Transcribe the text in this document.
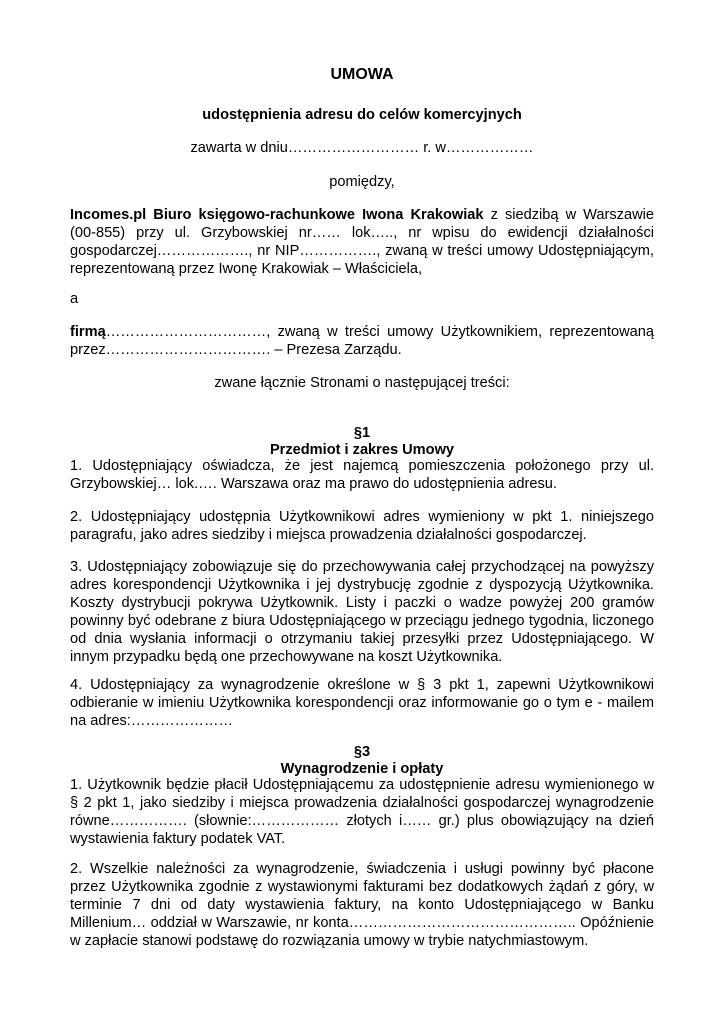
UMOWA
udostępnienia adresu do celów komercyjnych
zawarta w dniu……………………… r. w………………
pomiędzy,

Incomes.pl Biuro księgowo-rachunkowe Iwona Krakowiak z siedzibą w Warszawie (00-855) przy ul. Grzybowskiej nr…… lok….., nr wpisu do ewidencji działalności gospodarczej………………., nr NIP……………., zwaną w treści umowy Udostępniającym, reprezentowaną przez Iwonę Krakowiak – Właściciela,

a

firmą……………………………, zwaną w treści umowy Użytkownikiem, reprezentowaną przez……………………………. – Prezesa Zarządu.

zwane łącznie Stronami o następującej treści:
§1
Przedmiot i zakres Umowy

1. Udostępniający oświadcza, że jest najemcą pomieszczenia położonego przy ul. Grzybowskiej… lok.…. Warszawa oraz ma prawo do udostępnienia adresu.

2. Udostępniający udostępnia Użytkownikowi adres wymieniony w pkt 1. niniejszego paragrafu, jako adres siedziby i miejsca prowadzenia działalności gospodarczej.

3. Udostępniający zobowiązuje się do przechowywania całej przychodzącej na powyższy adres korespondencji Użytkownika i jej dystrybucję zgodnie z dyspozycją Użytkownika. Koszty dystrybucji pokrywa Użytkownik. Listy i paczki o wadze powyżej 200 gramów powinny być odebrane z biura Udostępniającego w przeciągu jednego tygodnia, liczonego od dnia wysłania informacji o otrzymaniu takiej przesyłki przez Udostępniającego. W innym przypadku będą one przechowywane na koszt Użytkownika.

4. Udostępniający za wynagrodzenie określone w § 3 pkt 1, zapewni Użytkownikowi odbieranie w imieniu Użytkownika korespondencji oraz informowanie go o tym e - mailem na adres:…………………

§3
Wynagrodzenie i opłaty

1. Użytkownik będzie płacił Udostępniającemu za udostępnienie adresu wymienionego w § 2 pkt 1, jako siedziby i miejsca prowadzenia działalności gospodarczej wynagrodzenie równe……………. (słownie:……………… złotych i…… gr.) plus obowiązujący na dzień wystawienia faktury podatek VAT.

2. Wszelkie należności za wynagrodzenie, świadczenia i usługi powinny być płacone przez Użytkownika zgodnie z wystawionymi fakturami bez dodatkowych żądań z góry, w terminie 7 dni od daty wystawienia faktury, na konto Udostępniającego w Banku Millenium… oddział w Warszawie, nr konta……………………………………….. Opóźnienie w zapłacie stanowi podstawę do rozwiązania umowy w trybie natychmiastowym.
